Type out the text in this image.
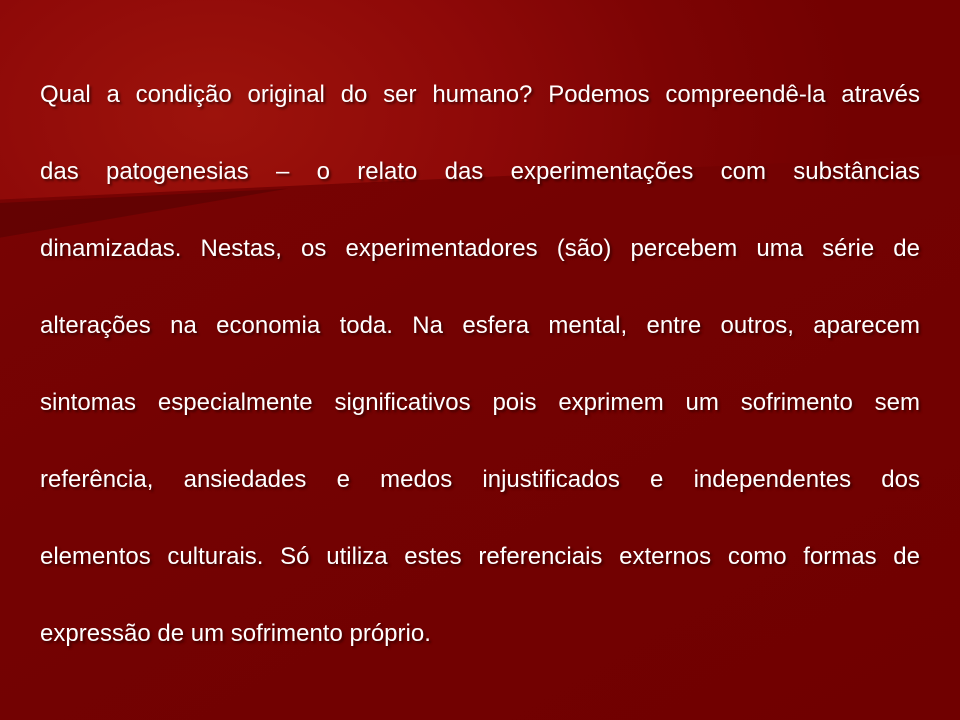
Qual a condição original do ser humano? Podemos compreendê-la através
das patogenesias – o relato das experimentações com substâncias
dinamizadas. Nestas, os experimentadores (são) percebem uma série de
alterações na economia toda. Na esfera mental, entre outros, aparecem
sintomas especialmente significativos pois exprimem um sofrimento sem
referência, ansiedades e medos injustificados e independentes dos
elementos culturais. Só utiliza estes referenciais externos como formas de
expressão de um sofrimento próprio.
